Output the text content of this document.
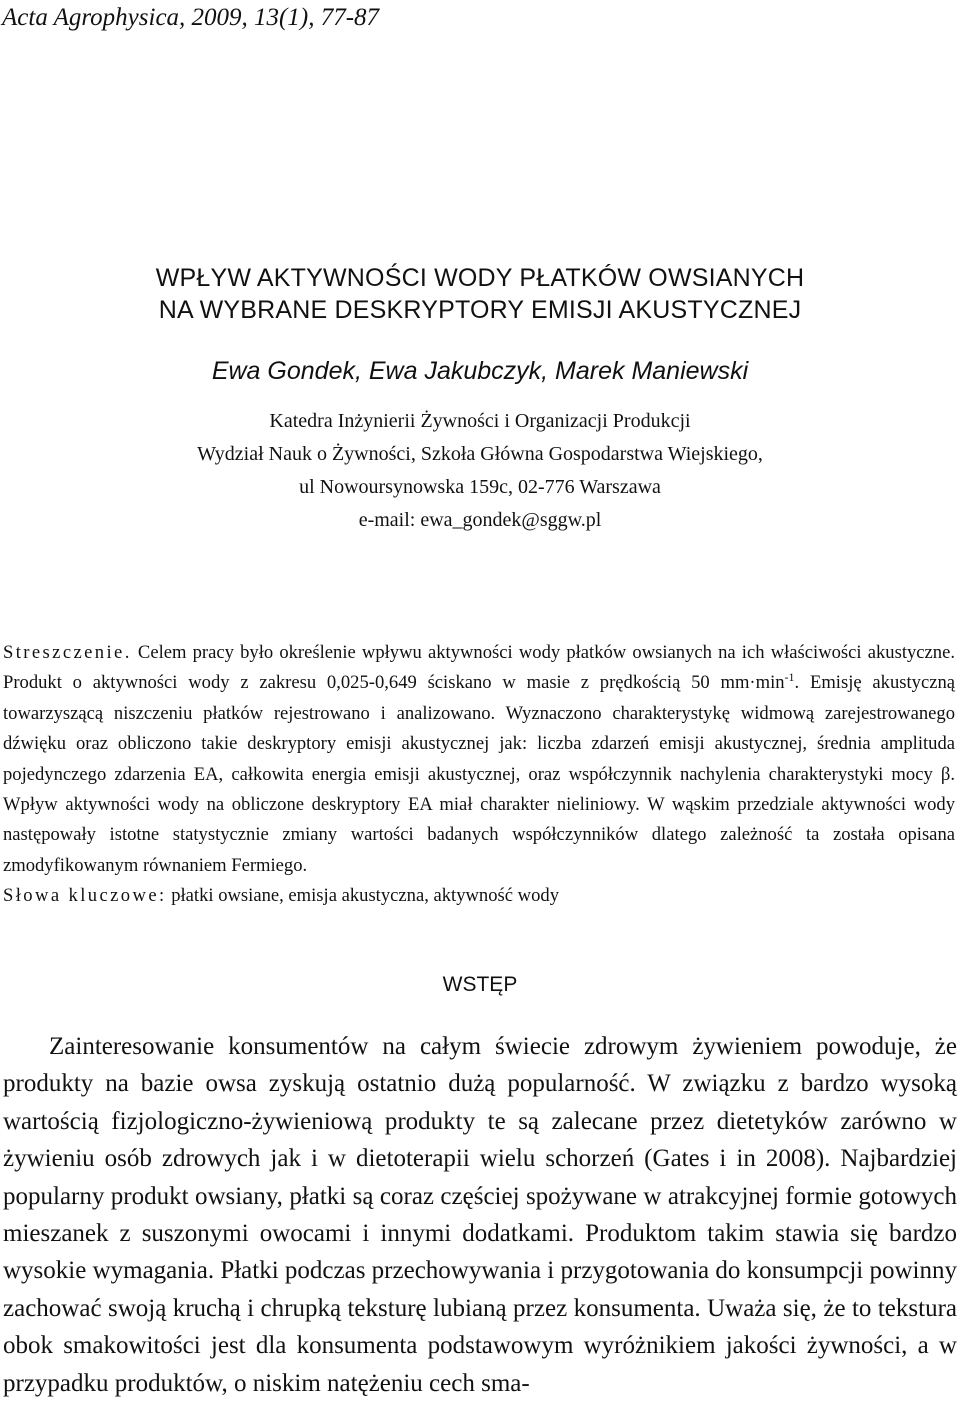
Acta Agrophysica, 2009, 13(1), 77-87
WPŁYW AKTYWNOŚCI WODY PŁATKÓW OWSIANYCH
NA WYBRANE DESKRYPTORY EMISJI AKUSTYCZNEJ
Ewa Gondek, Ewa Jakubczyk, Marek Maniewski
Katedra Inżynierii Żywności i Organizacji Produkcji
Wydział Nauk o Żywności, Szkoła Główna Gospodarstwa Wiejskiego,
ul Nowoursynowska 159c, 02-776 Warszawa
e-mail: ewa_gondek@sggw.pl

Streszczenie. Celem pracy było określenie wpływu aktywności wody płatków owsianych na ich właściwości akustyczne. Produkt o aktywności wody z zakresu 0,025-0,649 ściskano w masie z prędkością 50 $mm\cdot\min^{-1}$. Emisję akustyczną towarzyszącą niszczeniu płatków rejestrowano i analizowano. Wyznaczono charakterystykę widmową zarejestrowanego dźwięku oraz obliczono takie deskryptory emisji akustycznej jak: liczba zdarzeń emisji akustycznej, średnia amplituda pojedynczego zdarzenia EA, całkowita energia emisji akustycznej, oraz współczynnik nachylenia charakterystyki mocy β. Wpływ aktywności wody na obliczone deskryptory EA miał charakter nieliniowy. W wąskim przedziale aktywności wody następowały istotne statystycznie zmiany wartości badanych współczynników dlatego zależność ta została opisana zmodyfikowanym równaniem Fermiego.

Słowa kluczowe: płatki owsiane, emisja akustyczna, aktywność wody

WSTĘP

Zainteresowanie konsumentów na całym świecie zdrowym żywieniem powoduje, że produkty na bazie owsa zyskują ostatnio dużą popularność. W związku z bardzo wysoką wartością fizjologiczno-żywieniową produkty te są zalecane przez dietetyków zarówno w żywieniu osób zdrowych jak i w dietoterapii wielu schorzeń (Gates i in 2008). Najbardziej popularny produkt owsiany, płatki są coraz częściej spożywane w atrakcyjnej formie gotowych mieszanek z suszonymi owocami i innymi dodatkami. Produktom takim stawia się bardzo wysokie wymagania. Płatki podczas przechowywania i przygotowania do konsumpcji powinny zachować swoją kruchą i chrupką teksturę lubianą przez konsumenta. Uważa się, że to tekstura obok smakowitości jest dla konsumenta podstawowym wyróżnikiem jakości żywności, a w przypadku produktów, o niskim natężeniu cech sma-
